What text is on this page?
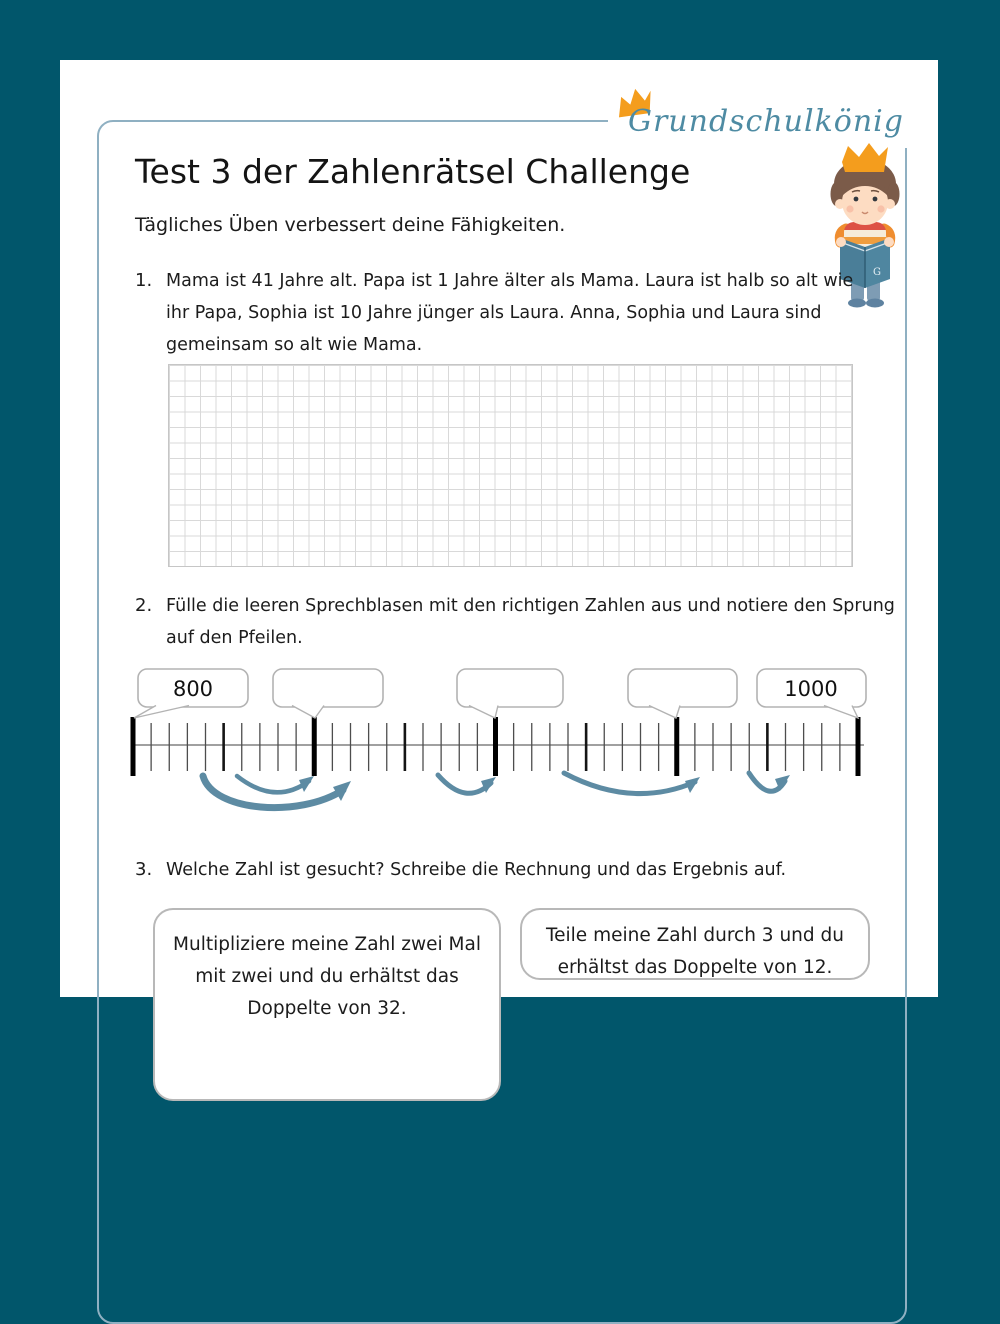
Grundschulkönig
G
Test 3 der Zahlenrätsel Challenge
Tägliches Üben verbessert deine Fähigkeiten.
1. Mama ist 41 Jahre alt. Papa ist 1 Jahre älter als Mama. Laura ist halb so alt wie
ihr Papa, Sophia ist 10 Jahre jünger als Laura. Anna, Sophia und Laura sind
gemeinsam so alt wie Mama.
2. Fülle die leeren Sprechblasen mit den richtigen Zahlen aus und notiere den Sprung
auf den Pfeilen.
800	1000
3. Welche Zahl ist gesucht? Schreibe die Rechnung und das Ergebnis auf.
Multipliziere meine Zahl zwei Mal
mit zwei und du erhältst das
Doppelte von 32.
Teile meine Zahl durch 3 und du
erhältst das Doppelte von 12.
